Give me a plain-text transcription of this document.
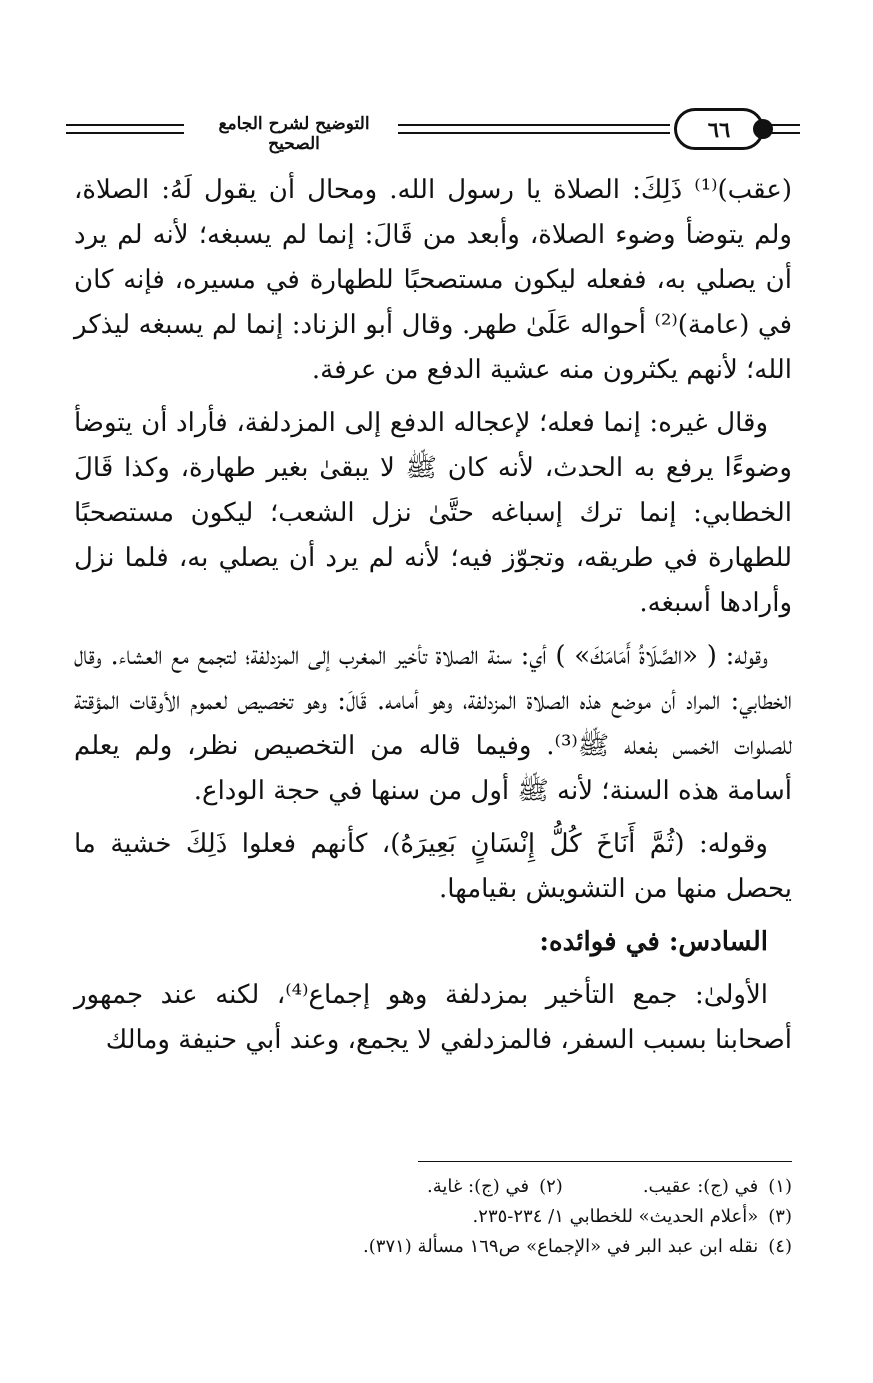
التوضيح لشرح الجامع الصحيح
٦٦

(عقب)⁽¹⁾ ذَلِكَ: الصلاة يا رسول الله. ومحال أن يقول لَهُ: الصلاة، ولم يتوضأ وضوء الصلاة، وأبعد من قَالَ: إنما لم يسبغه؛ لأنه لم يرد أن يصلي به، ففعله ليكون مستصحبًا للطهارة في مسيره، فإنه كان في (عامة)⁽²⁾ أحواله عَلَىٰ طهر. وقال أبو الزناد: إنما لم يسبغه ليذكر الله؛ لأنهم يكثرون منه عشية الدفع من عرفة.

وقال غيره: إنما فعله؛ لإعجاله الدفع إلى المزدلفة، فأراد أن يتوضأ وضوءًا يرفع به الحدث، لأنه كان ﷺ لا يبقىٰ بغير طهارة، وكذا قَالَ الخطابي: إنما ترك إسباغه حتَّىٰ نزل الشعب؛ ليكون مستصحبًا للطهارة في طريقه، وتجوّز فيه؛ لأنه لم يرد أن يصلي به، فلما نزل وأرادها أسبغه.

وقوله: ( «الصَّلَاةُ أَمَامَكَ» ) أي: سنة الصلاة تأخير المغرب إلى المزدلفة؛ لتجمع مع العشاء. وقال الخطابي: المراد أن موضع هذه الصلاة المزدلفة، وهو أمامه. قَالَ: وهو تخصيص لعموم الأوقات المؤقتة للصلوات الخمس بفعله ﷺ⁽³⁾. وفيما قاله من التخصيص نظر، ولم يعلم أسامة هذه السنة؛ لأنه ﷺ أول من سنها في حجة الوداع.

وقوله: (ثُمَّ أَنَاخَ كُلُّ إِنْسَانٍ بَعِيرَهُ)، كأنهم فعلوا ذَلِكَ خشية ما يحصل منها من التشويش بقيامها.

السادس: في فوائده:

الأولىٰ: جمع التأخير بمزدلفة وهو إجماع⁽⁴⁾، لكنه عند جمهور أصحابنا بسبب السفر، فالمزدلفي لا يجمع، وعند أبي حنيفة ومالك

(١)في (ج): عقيب.
(٢)في (ج): غاية.
(٣)«أعلام الحديث» للخطابي ١/ ٢٣٤-٢٣٥.
(٤)نقله ابن عبد البر في «الإجماع» ص١٦٩ مسألة (٣٧١).
